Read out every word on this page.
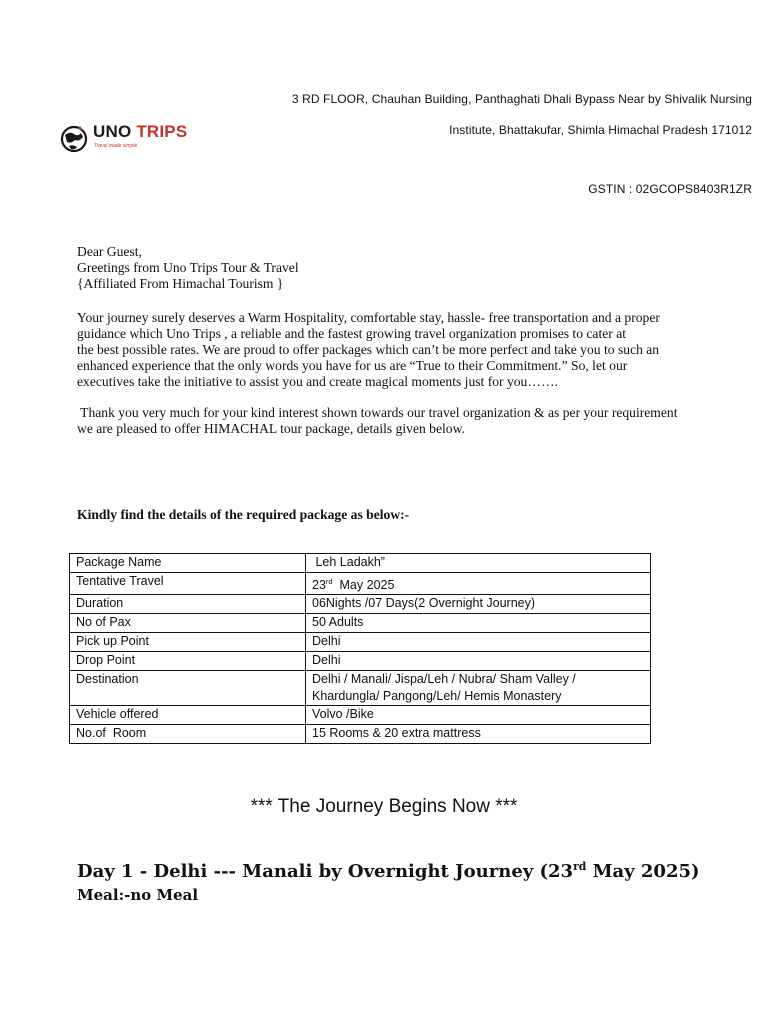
3 RD FLOOR, Chauhan Building, Panthaghati Dhali Bypass Near by Shivalik Nursing
Institute, Bhattakufar, Shimla Himachal Pradesh 171012
GSTIN : 02GCOPS8403R1ZR
UNO TRIPS
Travel made simple

Dear Guest,

Greetings from Uno Trips Tour & Travel

{Affiliated From Himachal Tourism }

Your journey surely deserves a Warm Hospitality, comfortable stay, hassle- free transportation and a proper

guidance which Uno Trips , a reliable and the fastest growing travel organization promises to cater at

the best possible rates. We are proud to offer packages which can’t be more perfect and take you to such an

enhanced experience that the only words you have for us are “True to their Commitment.” So, let our

executives take the initiative to assist you and create magical moments just for you…….

Thank you very much for your kind interest shown towards our travel organization & as per your requirement

we are pleased to offer HIMACHAL tour package, details given below.

Kindly find the details of the required package as below:-
Package Name	Leh Ladakh”
Tentative Travel	23rd  May 2025
Duration	06Nights /07 Days(2 Overnight Journey)
No of Pax	50 Adults
Pick up Point	Delhi
Drop Point	Delhi
Destination	Delhi / Manali/ Jispa/Leh / Nubra/ Sham Valley / Khardungla/ Pangong/Leh/ Hemis Monastery
Vehicle offered	Volvo /Bike
No.of  Room	15 Rooms & 20 extra mattress
*** The Journey Begins Now ***
Day 1 - Delhi --- Manali by Overnight Journey (23rd May 2025)
Meal:-no Meal
